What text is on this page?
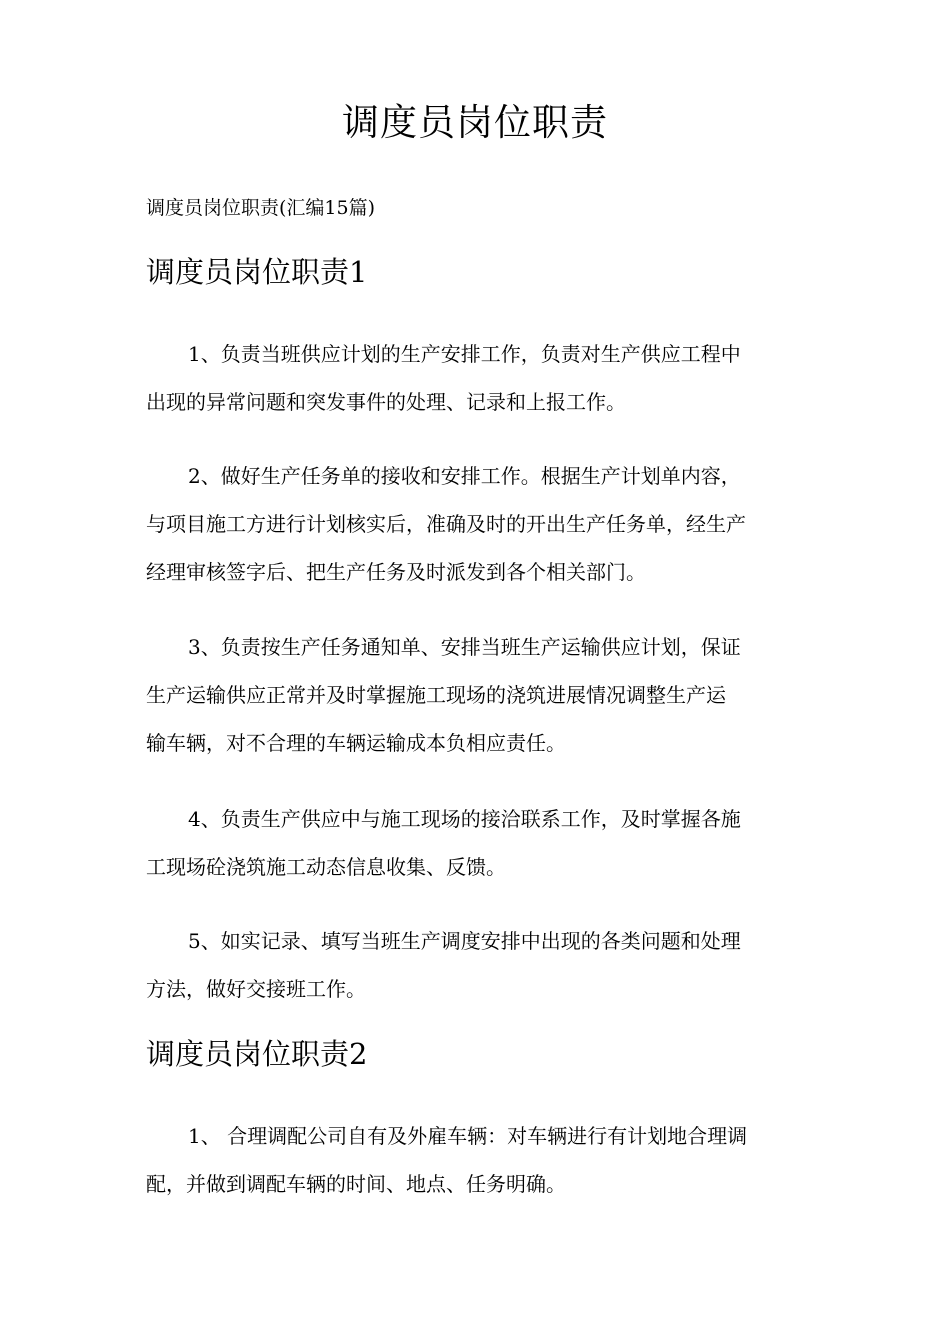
调度员岗位职责

调度员岗位职责(汇编15篇)

调度员岗位职责1
1、负责当班供应计划的生产安排工作，负责对生产供应工程中
出现的异常问题和突发事件的处理、记录和上报工作。
2、做好生产任务单的接收和安排工作。根据生产计划单内容，
与项目施工方进行计划核实后，准确及时的开出生产任务单，经生产
经理审核签字后、把生产任务及时派发到各个相关部门。
3、负责按生产任务通知单、安排当班生产运输供应计划，保证
生产运输供应正常并及时掌握施工现场的浇筑进展情况调整生产运
输车辆，对不合理的车辆运输成本负相应责任。
4、负责生产供应中与施工现场的接洽联系工作，及时掌握各施
工现场砼浇筑施工动态信息收集、反馈。
5、如实记录、填写当班生产调度安排中出现的各类问题和处理
方法，做好交接班工作。
调度员岗位职责2
1、 合理调配公司自有及外雇车辆：对车辆进行有计划地合理调
配，并做到调配车辆的时间、地点、任务明确。
